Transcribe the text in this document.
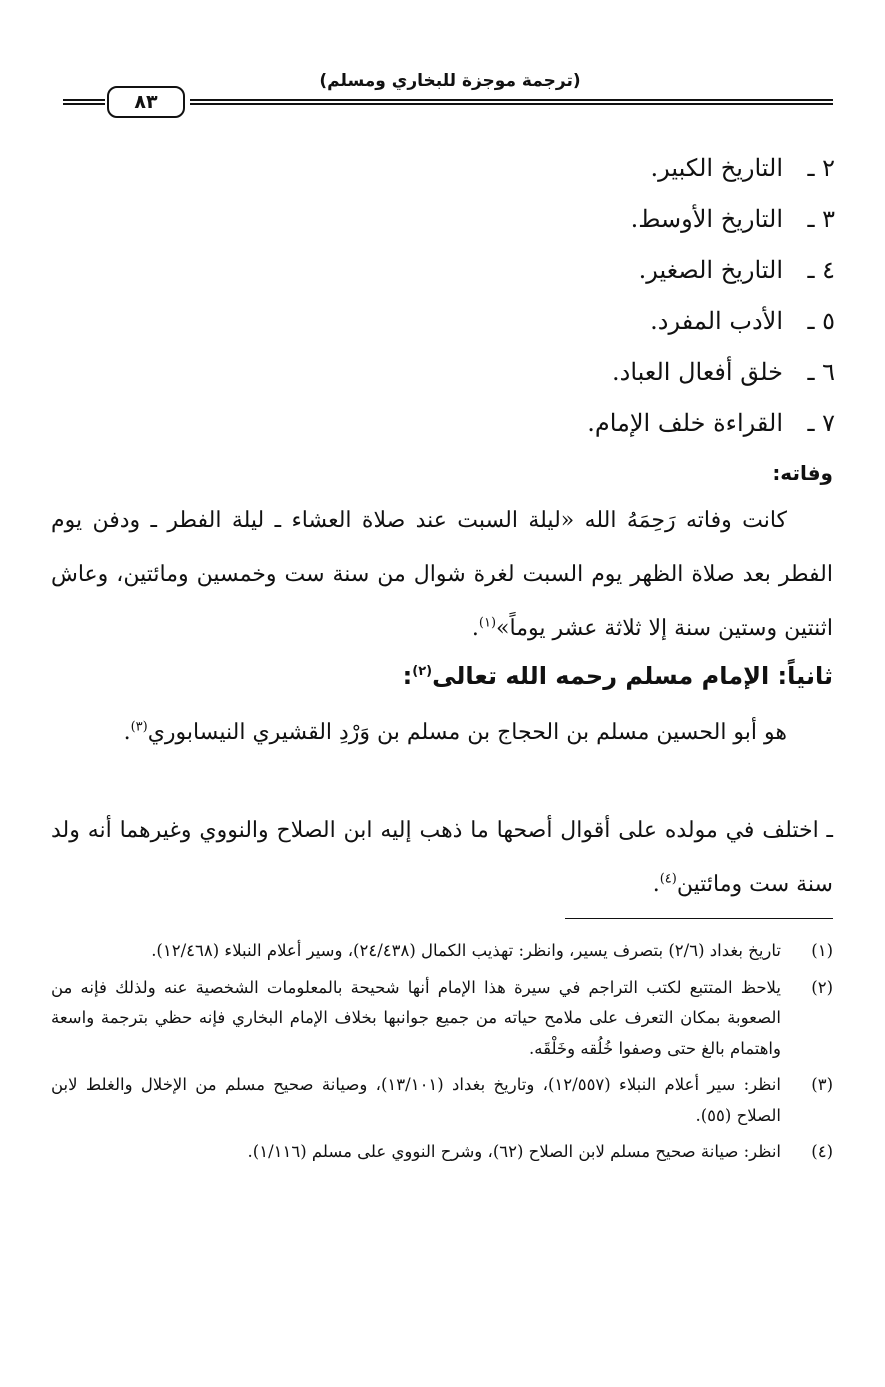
(ترجمة موجزة للبخاري ومسلم)
٨٣
٢ ـالتاريخ الكبير.
٣ ـالتاريخ الأوسط.
٤ ـالتاريخ الصغير.
٥ ـالأدب المفرد.
٦ ـخلق أفعال العباد.
٧ ـالقراءة خلف الإمام.
وفاته:

كانت وفاته رَحِمَهُ الله «ليلة السبت عند صلاة العشاء ـ ليلة الفطر ـ ودفن يوم الفطر بعد صلاة الظهر يوم السبت لغرة شوال من سنة ست وخمسين ومائتين، وعاش اثنتين وستين سنة إلا ثلاثة عشر يوماً»$^{(١)}$.

ثانياً: الإمام مسلم رحمه الله تعالى$^{(٢)}$:

هو أبو الحسين مسلم بن الحجاج بن مسلم بن وَرْدِ القشيري النيسابوري$^{(٣)}$.

ـ اختلف في مولده على أقوال أصحها ما ذهب إليه ابن الصلاح والنووي وغيرهما أنه ولد سنة ست ومائتين$^{(٤)}$.

(١)
تاريخ بغداد (٢/٦) بتصرف يسير، وانظر: تهذيب الكمال (٢٤/٤٣٨)، وسير أعلام النبلاء (١٢/٤٦٨).

(٢)
يلاحظ المتتبع لكتب التراجم في سيرة هذا الإمام أنها شحيحة بالمعلومات الشخصية عنه ولذلك فإنه من الصعوبة بمكان التعرف على ملامح حياته من جميع جوانبها بخلاف الإمام البخاري فإنه حظي بترجمة واسعة واهتمام بالغ حتى وصفوا خُلُقه وخَلْقَه.

(٣)
انظر: سير أعلام النبلاء (١٢/٥٥٧)، وتاريخ بغداد (١٣/١٠١)، وصيانة صحيح مسلم من الإخلال والغلط لابن الصلاح (٥٥).

(٤)
انظر: صيانة صحيح مسلم لابن الصلاح (٦٢)، وشرح النووي على مسلم (١/١١٦).
